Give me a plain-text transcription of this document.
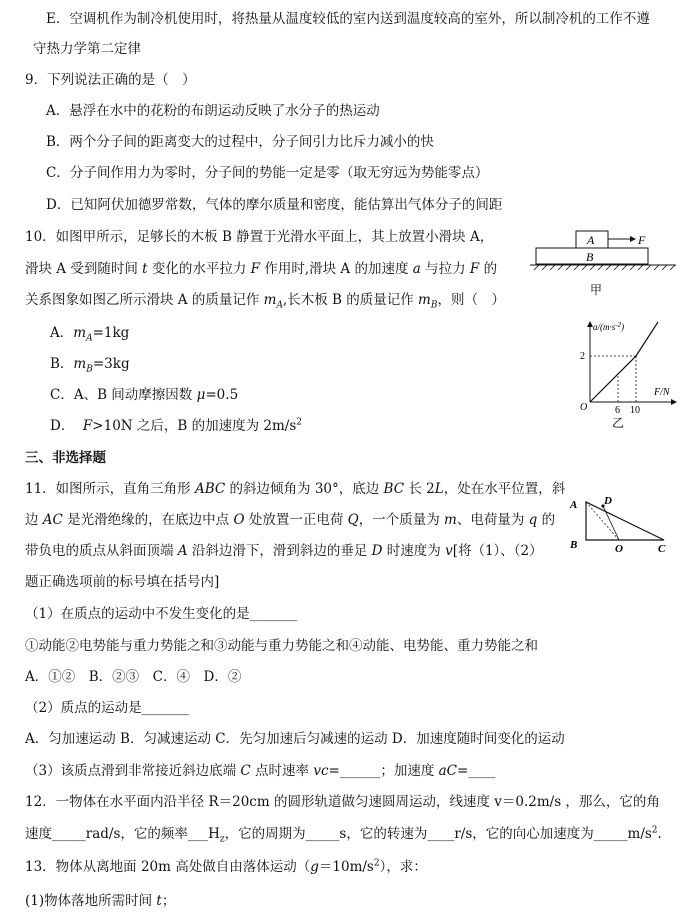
E．空调机作为制冷机使用时，将热量从温度较低的室内送到温度较高的室外，所以制冷机的工作不遵
守热力学第二定律
9．下列说法正确的是（　）
A．悬浮在水中的花粉的布朗运动反映了水分子的热运动
B．两个分子间的距离变大的过程中，分子间引力比斥力减小的快
C．分子间作用力为零时，分子间的势能一定是零（取无穷远为势能零点）
D．已知阿伏加德罗常数，气体的摩尔质量和密度，能估算出气体分子的间距
10．如图甲所示，足够长的木板 B 静置于光滑水平面上，其上放置小滑块 A，
滑块 A 受到随时间 t 变化的水平拉力 F 作用时,滑块 A 的加速度 a 与拉力 F 的
关系图象如图乙所示滑块 A 的质量记作 $m_A$,长木板 B 的质量记作 $m_B$，则（　）
A．$m_A=1kg$
B．$m_B=3kg$
C．A、B 间动摩擦因数 μ=0.5
D． F>10N 之后，B 的加速度为 $2m/s^2$
A	F
B
甲
$a/(m\cdot s^{-2})$
2
O	6 10
F/N
乙
三、非选择题
11．如图所示，直角三角形 ABC 的斜边倾角为 30°，底边 BC 长 2L，处在水平位置，斜
边 AC 是光滑绝缘的，在底边中点 O 处放置一正电荷 Q，一个质量为 m、电荷量为 q 的
带负电的质点从斜面顶端 A 沿斜边滑下，滑到斜边的垂足 D 时速度为 v[将（1）、（2）
题正确选项前的标号填在括号内]
A D
B	O	C
（1）在质点的运动中不发生变化的是_______
①动能②电势能与重力势能之和③动能与重力势能之和④动能、电势能、重力势能之和
A．①②　B．②③　C．④　D．②
（2）质点的运动是_______
A．匀加速运动 B．匀减速运动 C．先匀加速后匀减速的运动 D．加速度随时间变化的运动
（3）该质点滑到非常接近斜边底端 C 点时速率 vc=______；加速度 aC=____
12．一物体在水平面内沿半径 R＝20cm 的圆形轨道做匀速圆周运动，线速度 v＝0.2m/s ，那么，它的角
速度_____rad/s，它的频率$\_\_\_H_z$，它的周期为_____s，它的转速为____r/s，它的向心加速度为$\_\_\_\_\_m/s^2$.
13．物体从离地面 20m 高处做自由落体运动$(g=10m/s^2)$，求：
(1)物体落地所需时间 t；
